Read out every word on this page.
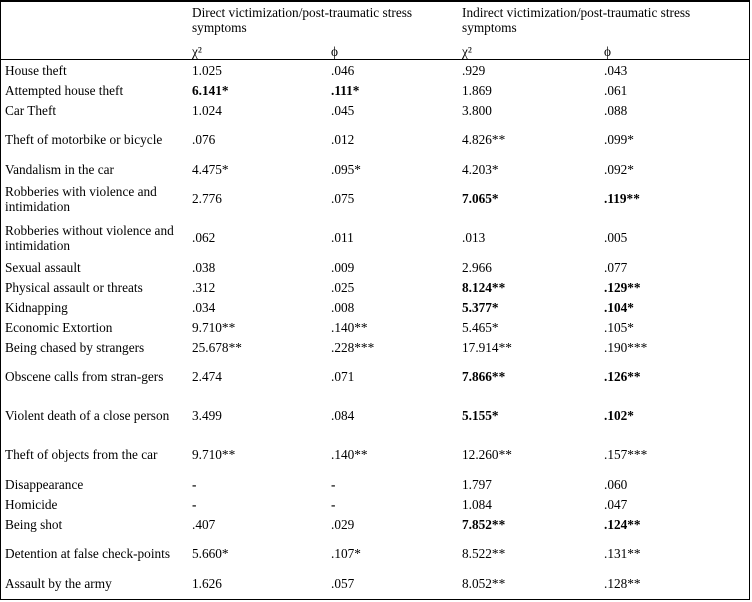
	Direct victimization/post-traumatic stress symptoms		Indirect victimization/post-traumatic stress symptoms	
	χ²	ϕ	χ²	ϕ
House theft	1.025	.046	.929	.043
Attempted house theft	6.141*	.111*	1.869	.061
Car Theft	1.024	.045	3.800	.088
Theft of motorbike or bicycle	.076	.012	4.826**	.099*
Vandalism in the car	4.475*	.095*	4.203*	.092*
Robberies with violence and intimidation	2.776	.075	7.065*	.119**
Robberies without violence and intimidation	.062	.011	.013	.005
Sexual assault	.038	.009	2.966	.077
Physical assault or threats	.312	.025	8.124**	.129**
Kidnapping	.034	.008	5.377*	.104*
Economic Extortion	9.710**	.140**	5.465*	.105*
Being chased by strangers	25.678**	.228***	17.914**	.190***
Obscene calls from stran-gers	2.474	.071	7.866**	.126**
Violent death of a close person	3.499	.084	5.155*	.102*
Theft of objects from the car	9.710**	.140**	12.260**	.157***
Disappearance	-	-	1.797	.060
Homicide	-	-	1.084	.047
Being shot	.407	.029	7.852**	.124**
Detention at false check-points	5.660*	.107*	8.522**	.131**
Assault by the army	1.626	.057	8.052**	.128**
